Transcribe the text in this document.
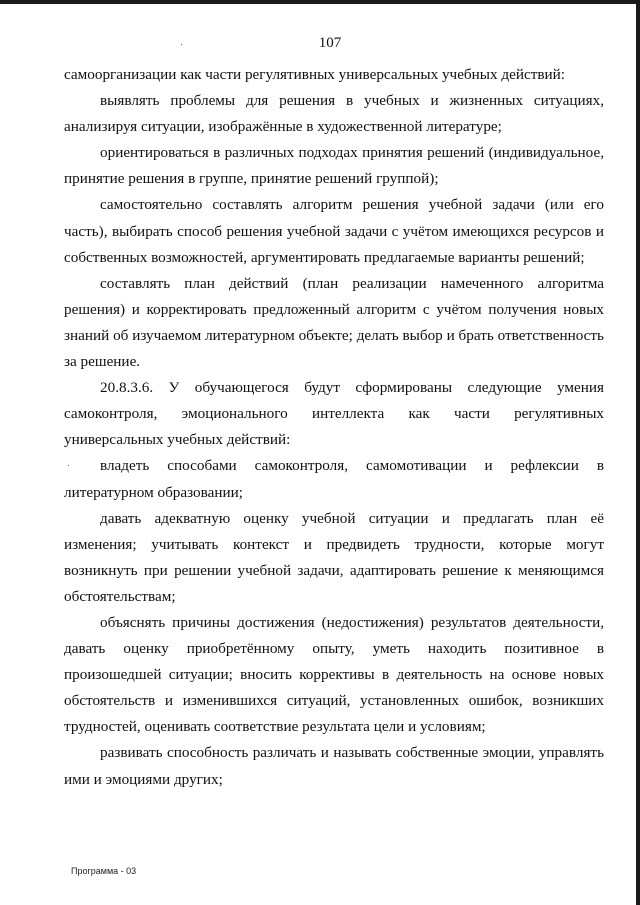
107

самоорганизации как части регулятивных универсальных учебных действий:

выявлять проблемы для решения в учебных и жизненных ситуациях, анализируя ситуации, изображённые в художественной литературе;

ориентироваться в различных подходах принятия решений (индивидуальное, принятие решения в группе, принятие решений группой);

самостоятельно составлять алгоритм решения учебной задачи (или его часть), выбирать способ решения учебной задачи с учётом имеющихся ресурсов и собственных возможностей, аргументировать предлагаемые варианты решений;

составлять план действий (план реализации намеченного алгоритма решения) и корректировать предложенный алгоритм с учётом получения новых знаний об изучаемом литературном объекте; делать выбор и брать ответственность за решение.

20.8.3.6. У обучающегося будут сформированы следующие умения самоконтроля, эмоционального интеллекта как части регулятивных универсальных учебных действий:

владеть способами самоконтроля, самомотивации и рефлексии в литературном образовании;

давать адекватную оценку учебной ситуации и предлагать план её изменения; учитывать контекст и предвидеть трудности, которые могут возникнуть при решении учебной задачи, адаптировать решение к меняющимся обстоятельствам;

объяснять причины достижения (недостижения) результатов деятельности, давать оценку приобретённому опыту, уметь находить позитивное в произошедшей ситуации; вносить коррективы в деятельность на основе новых обстоятельств и изменившихся ситуаций, установленных ошибок, возникших трудностей, оценивать соответствие результата цели и условиям;

развивать способность различать и называть собственные эмоции, управлять ими и эмоциями других;

Программа - 03
